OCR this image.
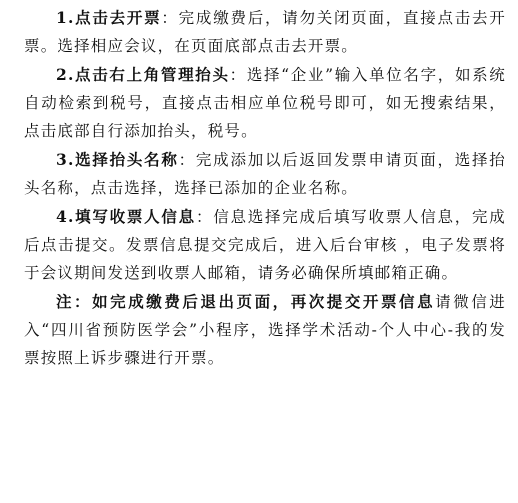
1.点击去开票：完成缴费后，请勿关闭页面，直接点击去开票。选择相应会议，在页面底部点击去开票。

2.点击右上角管理抬头：选择“企业”输入单位名字，如系统自动检索到税号，直接点击相应单位税号即可，如无搜索结果，点击底部自行添加抬头，税号。

3.选择抬头名称：完成添加以后返回发票申请页面，选择抬头名称，点击选择，选择已添加的企业名称。

4.填写收票人信息：信息选择完成后填写收票人信息，完成后点击提交。发票信息提交完成后，进入后台审核 ，电子发票将于会议期间发送到收票人邮箱，请务必确保所填邮箱正确。

注：如完成缴费后退出页面，再次提交开票信息请微信进入“四川省预防医学会”小程序，选择学术活动-个人中心-我的发票按照上诉步骤进行开票。
